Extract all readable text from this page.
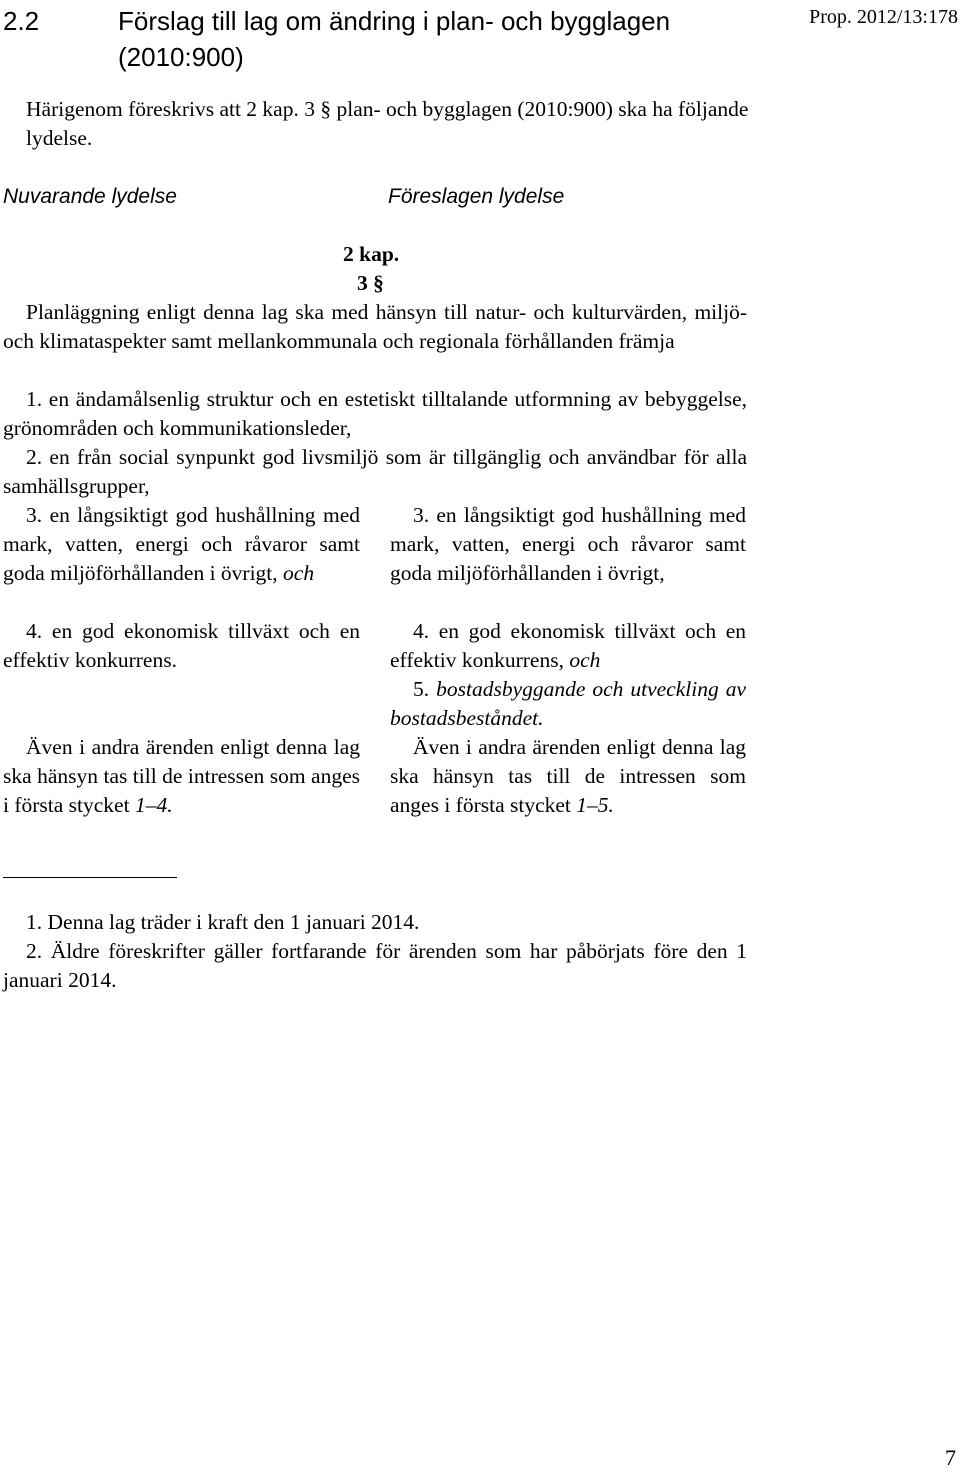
2.2	Förslag till lag om ändring i plan- och bygglagen (2010:900)
Prop. 2012/13:178

Härigenom föreskrivs att 2 kap. 3 § plan- och bygglagen (2010:900) ska ha följande lydelse.

Nuvarande lydelse	Föreslagen lydelse
2 kap.
3 §

Planläggning enligt denna lag ska med hänsyn till natur- och kulturvärden, miljö- och klimataspekter samt mellankommunala och regionala förhållanden främja

1. en ändamålsenlig struktur och en estetiskt tilltalande utformning av bebyggelse, grönområden och kommunikationsleder,

2. en från social synpunkt god livsmiljö som är tillgänglig och användbar för alla samhällsgrupper,

3. en långsiktigt god hushållning med mark, vatten, energi och råvaror samt goda miljöförhållanden i övrigt, och

4. en god ekonomisk tillväxt och en effektiv konkurrens.

Även i andra ärenden enligt denna lag ska hänsyn tas till de intressen som anges i första stycket 1–4.

3. en långsiktigt god hushållning med mark, vatten, energi och råvaror samt goda miljöförhållanden i övrigt,

4. en god ekonomisk tillväxt och en effektiv konkurrens, och

5. bostadsbyggande och utveckling av bostadsbeståndet.

Även i andra ärenden enligt denna lag ska hänsyn tas till de intressen som anges i första stycket 1–5.

1. Denna lag träder i kraft den 1 januari 2014.

2. Äldre föreskrifter gäller fortfarande för ärenden som har påbörjats före den 1 januari 2014.

7
